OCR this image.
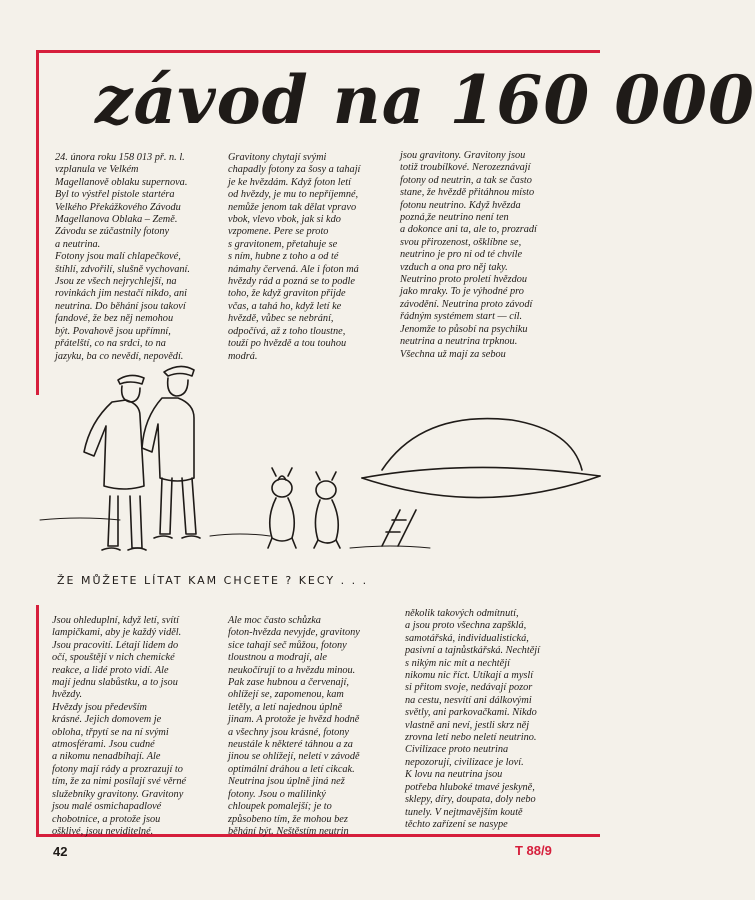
závod na 160 000
24. února roku 158 013 př. n. l.
vzplanula ve Velkém
Magellanově oblaku supernova.
Byl to výstřel pistole startéra
Velkého Překážkového Závodu
Magellanova Oblaka – Země.
Závodu se zúčastnily fotony
a neutrina.
Fotony jsou malí chlapečkové,
štíhlí, zdvořilí, slušně vychovaní.
Jsou ze všech nejrychlejší, na
rovinkách jim nestačí nikdo, ani
neutrina. Do běhání jsou takoví
fandové, že bez něj nemohou
být. Povahově jsou upřímní,
přátelští, co na srdci, to na
jazyku, ba co nevědí, nepovědí.
Gravitony chytají svými
chapadly fotony za šosy a tahají
je ke hvězdám. Když foton letí
od hvězdy, je mu to nepříjemné,
nemůže jenom tak dělat vpravo
vbok, vlevo vbok, jak si kdo
vzpomene. Pere se proto
s gravitonem, přetahuje se
s ním, hubne z toho a od té
námahy červená. Ale i foton má
hvězdy rád a pozná se to podle
toho, že když graviton přijde
včas, a tahá ho, když letí ke
hvězdě, vůbec se nebrání,
odpočívá, až z toho tloustne,
touží po hvězdě a tou touhou
modrá.
jsou gravitony. Gravitony jsou
totiž troubílkové. Nerozeznávají
fotony od neutrin, a tak se často
stane, že hvězdě přitáhnou místo
fotonu neutrino. Když hvězda
pozná,že neutrino není ten
a dokonce ani ta, ale to, prozradí
svou přirozenost, ošklíbne se,
neutrino je pro ni od té chvíle
vzduch a ona pro něj taky.
Neutrino proto proletí hvězdou
jako mraky. To je výhodné pro
závodění. Neutrina proto závodí
řádným systémem start — cíl.
Jenomže to působí na psychiku
neutrina a neutrina trpknou.
Všechna už mají za sebou
ŽE MŮŽETE LÍTAT KAM CHCETE ? KECY . . .
Jsou ohleduplní, když letí, svítí
lampičkami, aby je každý viděl.
Jsou pracovití. Létají lidem do
očí, spouštějí v nich chemické
reakce, a lidé proto vidí. Ale
mají jednu slabůstku, a to jsou
hvězdy.
Hvězdy jsou především
krásné. Jejich domovem je
obloha, třpytí se na ní svými
atmosférami. Jsou cudné
a nikomu nenadbíhají. Ale
fotony mají rády a prozrazují to
tím, že za nimi posílají své věrné
služebníky gravitony. Gravitony
jsou malé osmichapadlové
chobotnice, a protože jsou
ošklivé, jsou neviditelné.
Ale moc často schůzka
foton-hvězda nevyjde, gravitony
sice tahají seč můžou, fotony
tloustnou a modrají, ale
neukočírují to a hvězdu minou.
Pak zase hubnou a červenají,
ohlížejí se, zapomenou, kam
letěly, a letí najednou úplně
jinam. A protože je hvězd hodně
a všechny jsou krásné, fotony
neustále k některé táhnou a za
jinou se ohlížejí, neletí v závodě
optimální dráhou a letí cikcak.
Neutrina jsou úplně jiná než
fotony. Jsou o malilinký
chloupek pomalejší; je to
způsobeno tím, že mohou bez
běhání být. Neštěstím neutrin
několik takových odmítnutí,
a jsou proto všechna zapšklá,
samotářská, individualistická,
pasivní a tajnůstkářská. Nechtějí
s nikým nic mít a nechtějí
nikomu nic říct. Utíkají a myslí
si přitom svoje, nedávají pozor
na cestu, nesvítí ani dálkovými
světly, ani parkovačkami. Nikdo
vlastně ani neví, jestli skrz něj
zrovna letí nebo neletí neutrino.
Civilizace proto neutrina
nepozorují, civilizace je loví.
K lovu na neutrina jsou
potřeba hluboké tmavé jeskyně,
sklepy, díry, doupata, doly nebo
tunely. V nejtmavějším koutě
těchto zařízení se nasype
42	T 88/9
